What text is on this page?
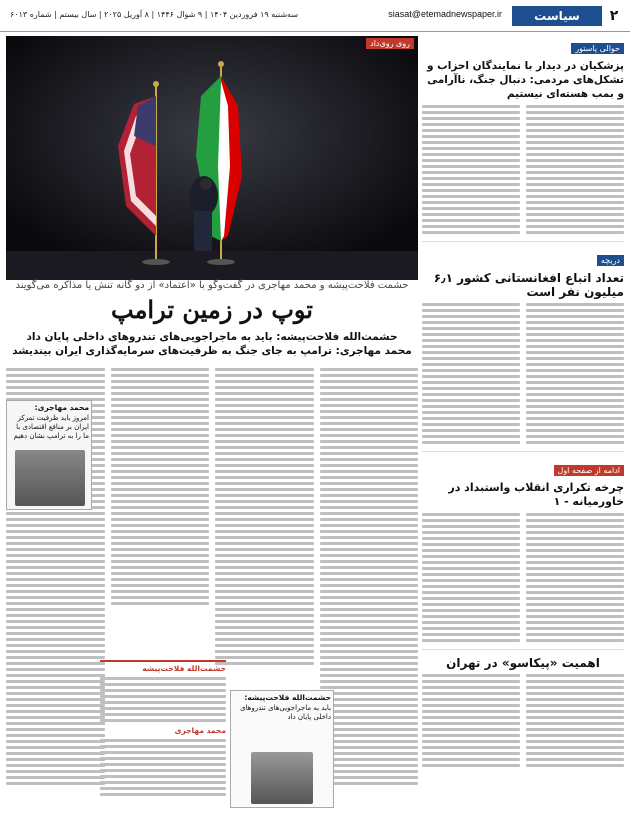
۲
سیاست
siasat@etemadnewspaper.ir
سه‌شنبه ۱۹ فروردین ۱۴۰۴ | ۹ شوال ۱۴۴۶ | ۸ آوریل ۲۰۲۵ | سال بیستم | شماره ۶۰۱۳
حوالی پاستور
پزشکیان در دیدار با نمایندگان احزاب و تشکل‌های مردمی: دنبال جنگ، نا‌آرامی و بمب هسته‌ای نیستیم
دریچه
تعداد اتباع افغانستانی کشور ۶٫۱ میلیون نفر است
ادامه از صفحه اول
چرخه تکراری انقلاب واستبداد در خاورمیانه - ۱
اهمیت «پیکاسو» در تهران
روی روی‌داد
حشمت فلاحت‌پیشه و محمد مهاجری در گفت‌وگو با «اعتماد» از دو گانه تنش یا مذاکره می‌گویند
توپ در زمین ترامپ
حشمت‌الله فلاحت‌پیشه: باید به ماجراجویی‌های تندروهای داخلی پایان داد
محمد مهاجری: ترامپ به جای جنگ به ظرفیت‌های سرمایه‌گذاری ایران بیندیشد
محمد مهاجری:
امروز باید ظرفیت تمرکز ایران بر منافع اقتصادی با ما را به ترامپ نشان دهیم
حشمت‌الله فلاحت‌پیشه
محمد مهاجری
حشمت‌الله فلاحت‌پیشه:
باید به ماجراجویی‌های تندروهای داخلی پایان داد
